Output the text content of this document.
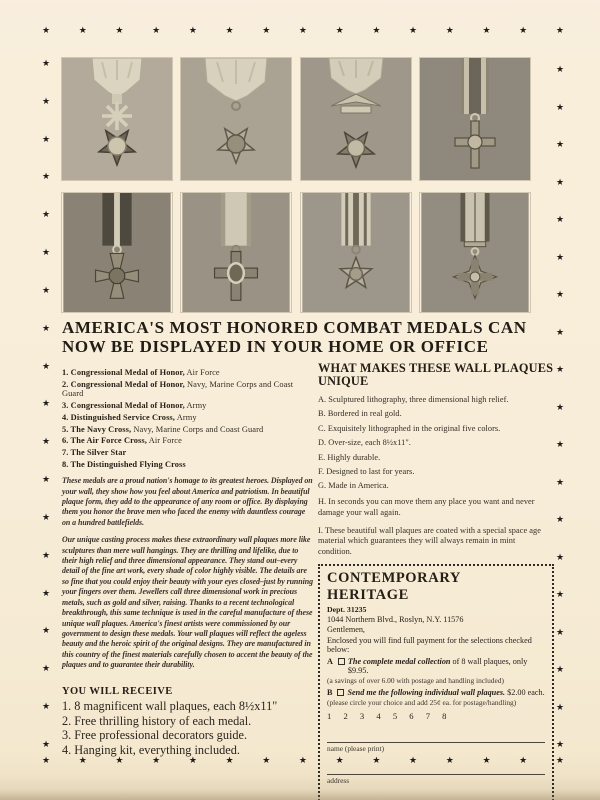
★	★	★	★	★	★	★	★	★	★	★	★	★	★	★
★	★	★	★	★	★	★	★	★	★	★	★	★	★	★
★
★
★
★
★
★
★
★
★
★
★
★
★
★
★
★
★
★
★
★
★
★
★
★
★
★
★
★
★
★
★
★
★
★
★
★
★
★
AMERICA'S MOST HONORED COMBAT MEDALS CAN
NOW BE DISPLAYED IN YOUR HOME OR OFFICE
1. Congressional Medal of Honor, Air Force
2. Congressional Medal of Honor, Navy, Marine Corps and Coast Guard
3. Congressional Medal of Honor, Army
4. Distinguished Service Cross, Army
5. The Navy Cross, Navy, Marine Corps and Coast Guard
6. The Air Force Cross, Air Force
7. The Silver Star
8. The Distinguished Flying Cross

These medals are a proud nation's homage to its greatest heroes. Displayed on your wall, they show how you feel about America and patriotism. In beautiful plaque form, they add to the appearance of any room or office. By displaying them you honor the brave men who faced the enemy with dauntless courage on a hundred battlefields.

Our unique casting process makes these extraordinary wall plaques more like sculptures than mere wall hangings. They are thrilling and lifelike, due to their high relief and three dimensional appearance. They stand out–every detail of the fine art work, every shade of color highly visible. The details are so fine that you could enjoy their beauty with your eyes closed–just by running your fingers over them. Jewellers call three dimensional work in precious metals, such as gold and silver, raising. Thanks to a recent technological breakthrough, this same technique is used in the careful manufacture of these unique wall plaques. America's finest artists were commissioned by our government to design these medals. Your wall plaques will reflect the ageless beauty and the heroic spirit of the original designs. They are manufactured in this country of the finest materials carefully chosen to accent the beauty of the plaques and to guarantee their durability.

YOU WILL RECEIVE
1. 8 magnificent wall plaques, each 8½x11"
2. Free thrilling history of each medal.
3. Free professional decorators guide.
4. Hanging kit, everything included.
WHAT MAKES THESE WALL PLAQUES
UNIQUE
A. Sculptured lithography, three dimensional high relief.
B. Bordered in real gold.
C. Exquisitely lithographed in the original five colors.
D. Over-size, each 8½x11".
E. Highly durable.
F. Designed to last for years.
G. Made in America.
H. In seconds you can move them any place you want and never damage your wall again.
I. These beautiful wall plaques are coated with a special space age material which guarantees they will always remain in mint condition.
CONTEMPORARY HERITAGE
Dept. 31235
1044 Northern Blvd., Roslyn, N.Y. 11576
Gentlemen,
Enclosed you will find full payment for the selections checked below:
A The complete medal collection of 8 wall plaques, only $9.95.
(a savings of over 6.00 with postage and handling included)
B Send me the following individual wall plaques. $2.00 each.
(please circle your choice and add 25¢ ea. for postage/handling)
1 2 3 4 5 6 7 8
name (please print)
address
